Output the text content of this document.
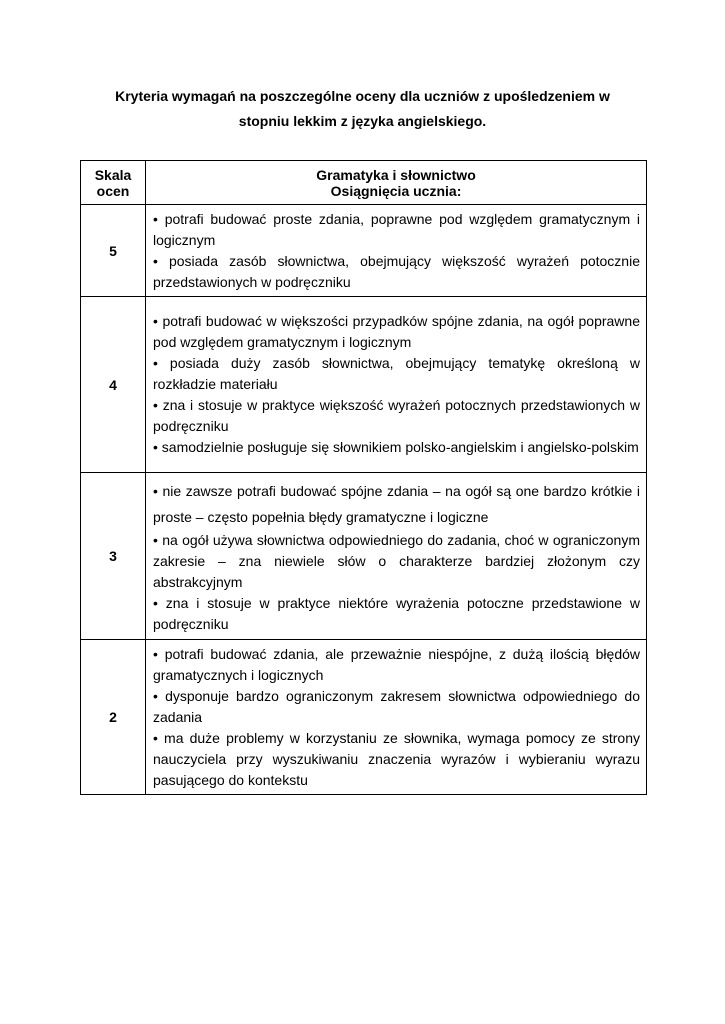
Kryteria wymagań na poszczególne oceny dla uczniów z upośledzeniem w
stopniu lekkim z języka angielskiego.
Skala
ocen	Gramatyka i słownictwo
Osiągnięcia ucznia:
5	• potrafi budować proste zdania, poprawne pod względem gramatycznym i logicznym
• posiada zasób słownictwa, obejmujący większość wyrażeń potocznie przedstawionych w podręczniku

4	• potrafi budować w większości przypadków spójne zdania, na ogół poprawne pod względem gramatycznym i logicznym
• posiada duży zasób słownictwa, obejmujący tematykę określoną w rozkładzie materiału
• zna i stosuje w praktyce większość wyrażeń potocznych przedstawionych w podręczniku
• samodzielnie posługuje się słownikiem polsko-angielskim i angielsko-polskim

3	• nie zawsze potrafi budować spójne zdania – na ogół są one bardzo krótkie i proste – często popełnia błędy gramatyczne i logiczne
• na ogół używa słownictwa odpowiedniego do zadania, choć w ograniczonym zakresie – zna niewiele słów o charakterze bardziej złożonym czy abstrakcyjnym
• zna i stosuje w praktyce niektóre wyrażenia potoczne przedstawione w podręczniku

2	• potrafi budować zdania, ale przeważnie niespójne, z dużą ilością błędów gramatycznych i logicznych
• dysponuje bardzo ograniczonym zakresem słownictwa odpowiedniego do zadania
• ma duże problemy w korzystaniu ze słownika, wymaga pomocy ze strony nauczyciela przy wyszukiwaniu znaczenia wyrazów i wybieraniu wyrazu pasującego do kontekstu
